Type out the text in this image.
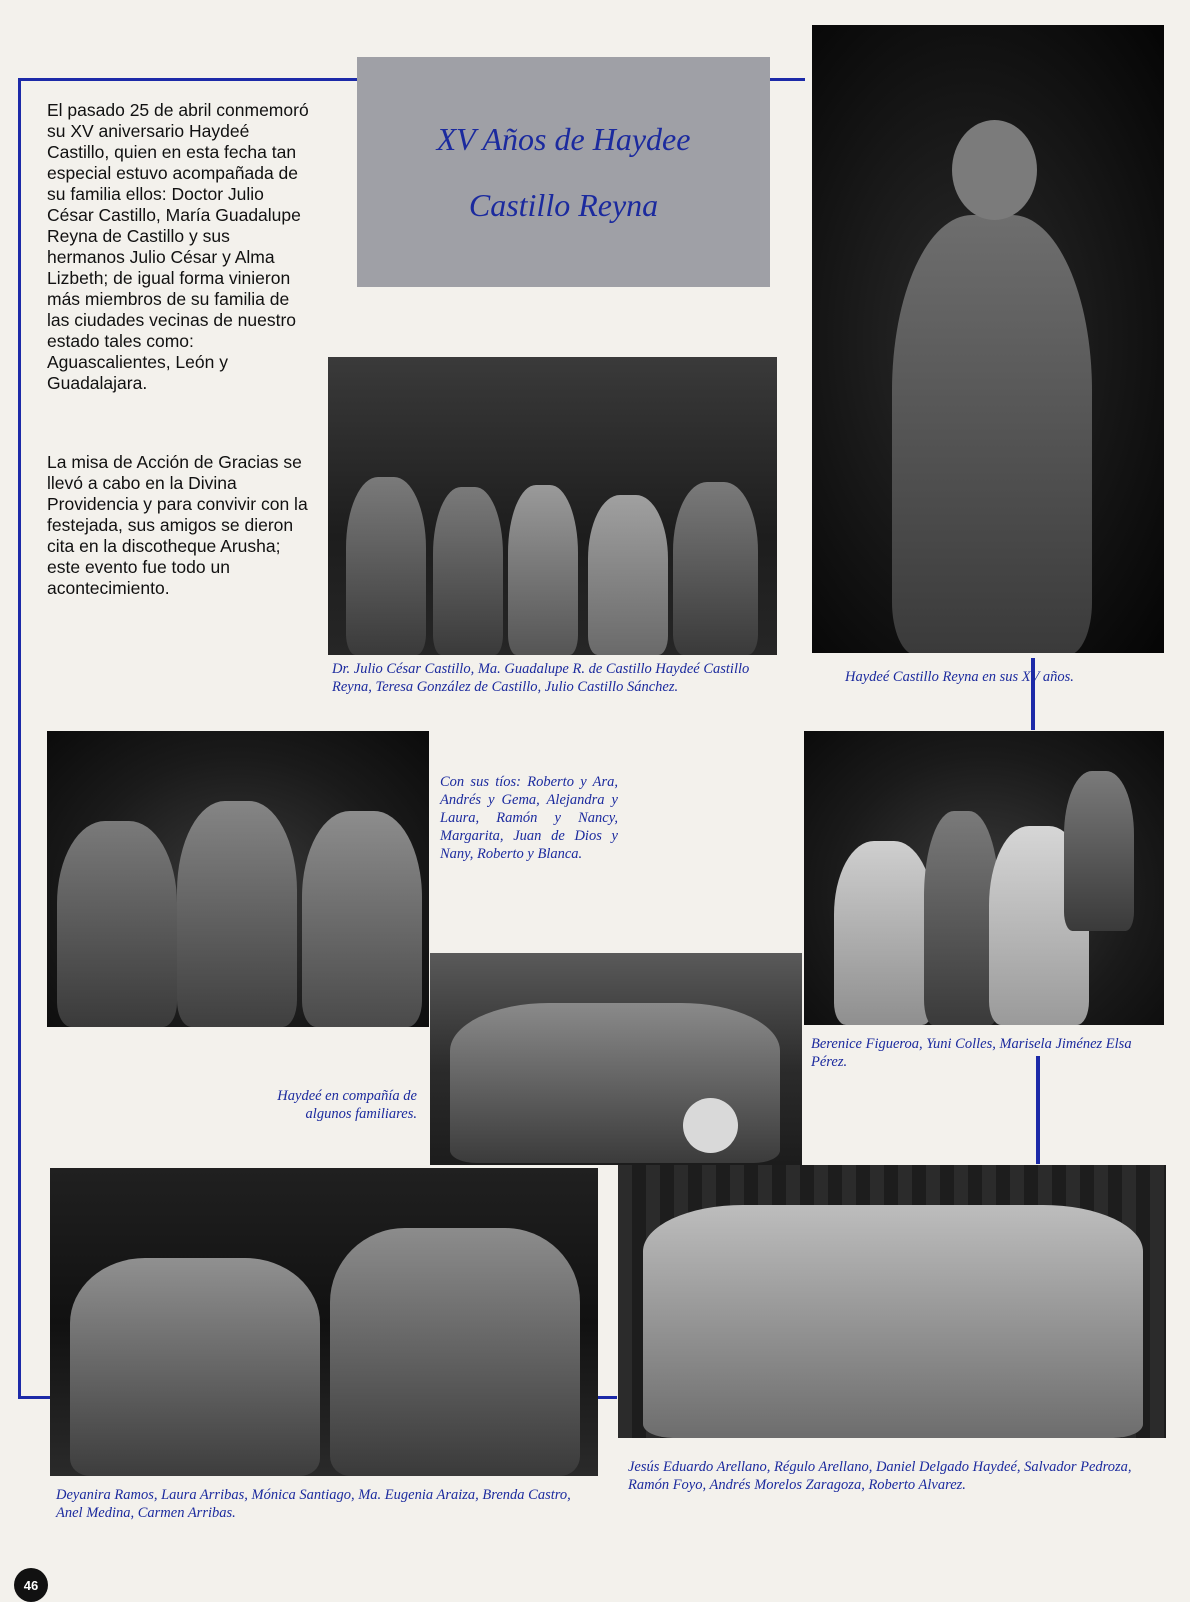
XV Años de Haydee
Castillo Reyna

El pasado 25 de abril conmemoró su XV aniversario Haydeé Castillo, quien en esta fecha tan especial estuvo acompañada de su familia ellos: Doctor Julio César Castillo, María Guadalupe Reyna de Castillo y sus hermanos Julio César y Alma Lizbeth; de igual forma vinieron más miembros de su familia de las ciudades vecinas de nuestro estado tales como: Aguascalientes, León y Guadalajara.

La misa de Acción de Gracias se llevó a cabo en la Divina Providencia y para convivir con la festejada, sus amigos se dieron cita en la discotheque Arusha; este evento fue todo un acontecimiento.

Haydeé Castillo Reyna en sus XV años.
Dr. Julio César Castillo, Ma. Guadalupe R. de Castillo Haydeé Castillo Reyna, Teresa González de Castillo, Julio Castillo Sánchez.
Con sus tíos: Roberto y Ara, Andrés y Gema, Alejandra y Laura, Ramón y Nancy, Margarita, Juan de Dios y Nany, Roberto y Blanca.
Haydeé en compañía de algunos familiares.
Berenice Figueroa, Yuni Colles, Marisela Jiménez Elsa Pérez.
Deyanira Ramos, Laura Arribas, Mónica Santiago, Ma. Eugenia Araiza, Brenda Castro, Anel Medina, Carmen Arribas.
Jesús Eduardo Arellano, Régulo Arellano, Daniel Delgado Haydeé, Salvador Pedroza, Ramón Foyo, Andrés Morelos Zaragoza, Roberto Alvarez.
46
